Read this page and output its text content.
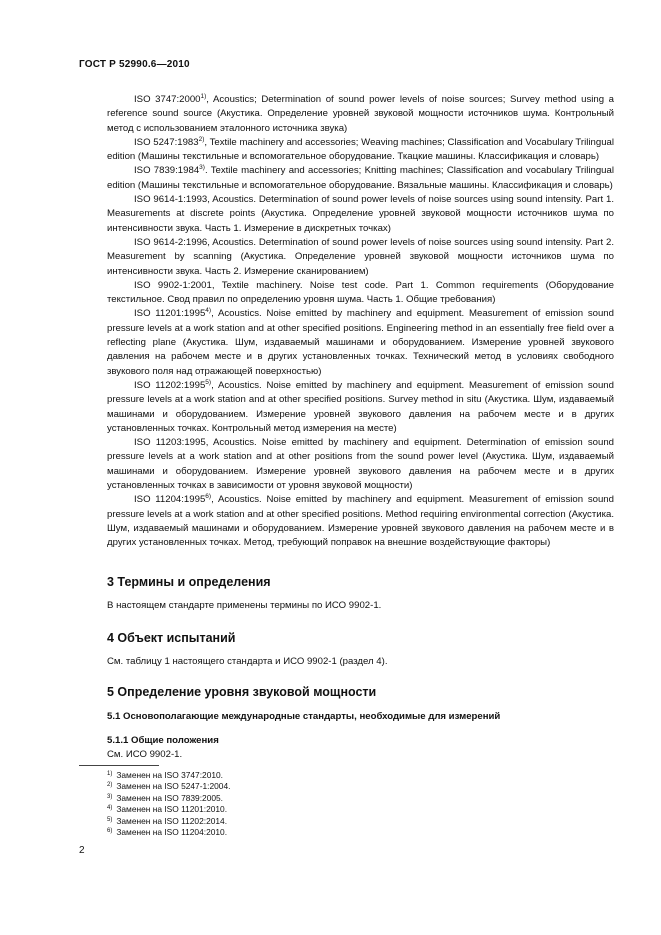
ГОСТ Р 52990.6—2010

ISO 3747:2000$^{1)}$, Acoustics; Determination of sound power levels of noise sources; Survey method using a reference sound source (Акустика. Определение уровней звуковой мощности источников шума. Контрольный метод с использованием эталонного источника звука)

ISO 5247:1983$^{2)}$, Textile machinery and accessories; Weaving machines; Classification and Vocabulary Trilingual edition (Машины текстильные и вспомогательное оборудование. Ткацкие машины. Классификация и словарь)

ISO 7839:1984$^{3)}$. Textile machinery and accessories; Knitting machines; Classification and vocabulary Trilingual edition (Машины текстильные и вспомогательное оборудование. Вязальные машины. Классификация и словарь)

ISO 9614-1:1993, Acoustics. Determination of sound power levels of noise sources using sound intensity. Part 1. Measurements at discrete points (Акустика. Определение уровней звуковой мощности источников шума по интенсивности звука. Часть 1. Измерение в дискретных точках)

ISO 9614-2:1996, Acoustics. Determination of sound power levels of noise sources using sound intensity. Part 2. Measurement by scanning (Акустика. Определение уровней звуковой мощности источников шума по интенсивности звука. Часть 2. Измерение сканированием)

ISO 9902-1:2001, Textile machinery. Noise test code. Part 1. Common requirements (Оборудование текстильное. Свод правил по определению уровня шума. Часть 1. Общие требования)

ISO 11201:1995$^{4)}$, Acoustics. Noise emitted by machinery and equipment. Measurement of emission sound pressure levels at a work station and at other specified positions. Engineering method in an essentially free field over a reflecting plane (Акустика. Шум, издаваемый машинами и оборудованием. Измерение уровней звукового давления на рабочем месте и в других установленных точках. Технический метод в условиях свободного звукового поля над отражающей поверхностью)

ISO 11202:1995$^{5)}$, Acoustics. Noise emitted by machinery and equipment. Measurement of emission sound pressure levels at a work station and at other specified positions. Survey method in situ (Акустика. Шум, издаваемый машинами и оборудованием. Измерение уровней звукового давления на рабочем месте и в других установленных точках. Контрольный метод измерения на месте)

ISO 11203:1995, Acoustics. Noise emitted by machinery and equipment. Determination of emission sound pressure levels at a work station and at other positions from the sound power level (Акустика. Шум, издаваемый машинами и оборудованием. Измерение уровней звукового давления на рабочем месте и в других установленных точках в зависимости от уровня звуковой мощности)

ISO 11204:1995$^{6)}$, Acoustics. Noise emitted by machinery and equipment. Measurement of emission sound pressure levels at a work station and at other specified positions. Method requiring environmental correction (Акустика. Шум, издаваемый машинами и оборудованием. Измерение уровней звукового давления на рабочем месте и в других установленных точках. Метод, требующий поправок на внешние воздействующие факторы)

3 Термины и определения

В настоящем стандарте применены термины по ИСО 9902-1.

4 Объект испытаний

См. таблицу 1 настоящего стандарта и ИСО 9902-1 (раздел 4).

5 Определение уровня звуковой мощности
5.1 Основополагающие международные стандарты, необходимые для измерений
5.1.1 Общие положения

См. ИСО 9902-1.

$^{1)}$ Заменен на ISO 3747:2010.

$^{2)}$ Заменен на ISO 5247-1:2004.

$^{3)}$ Заменен на ISO 7839:2005.

$^{4)}$ Заменен на ISO 11201:2010.

$^{5)}$ Заменен на ISO 11202:2014.

$^{6)}$ Заменен на ISO 11204:2010.

2
